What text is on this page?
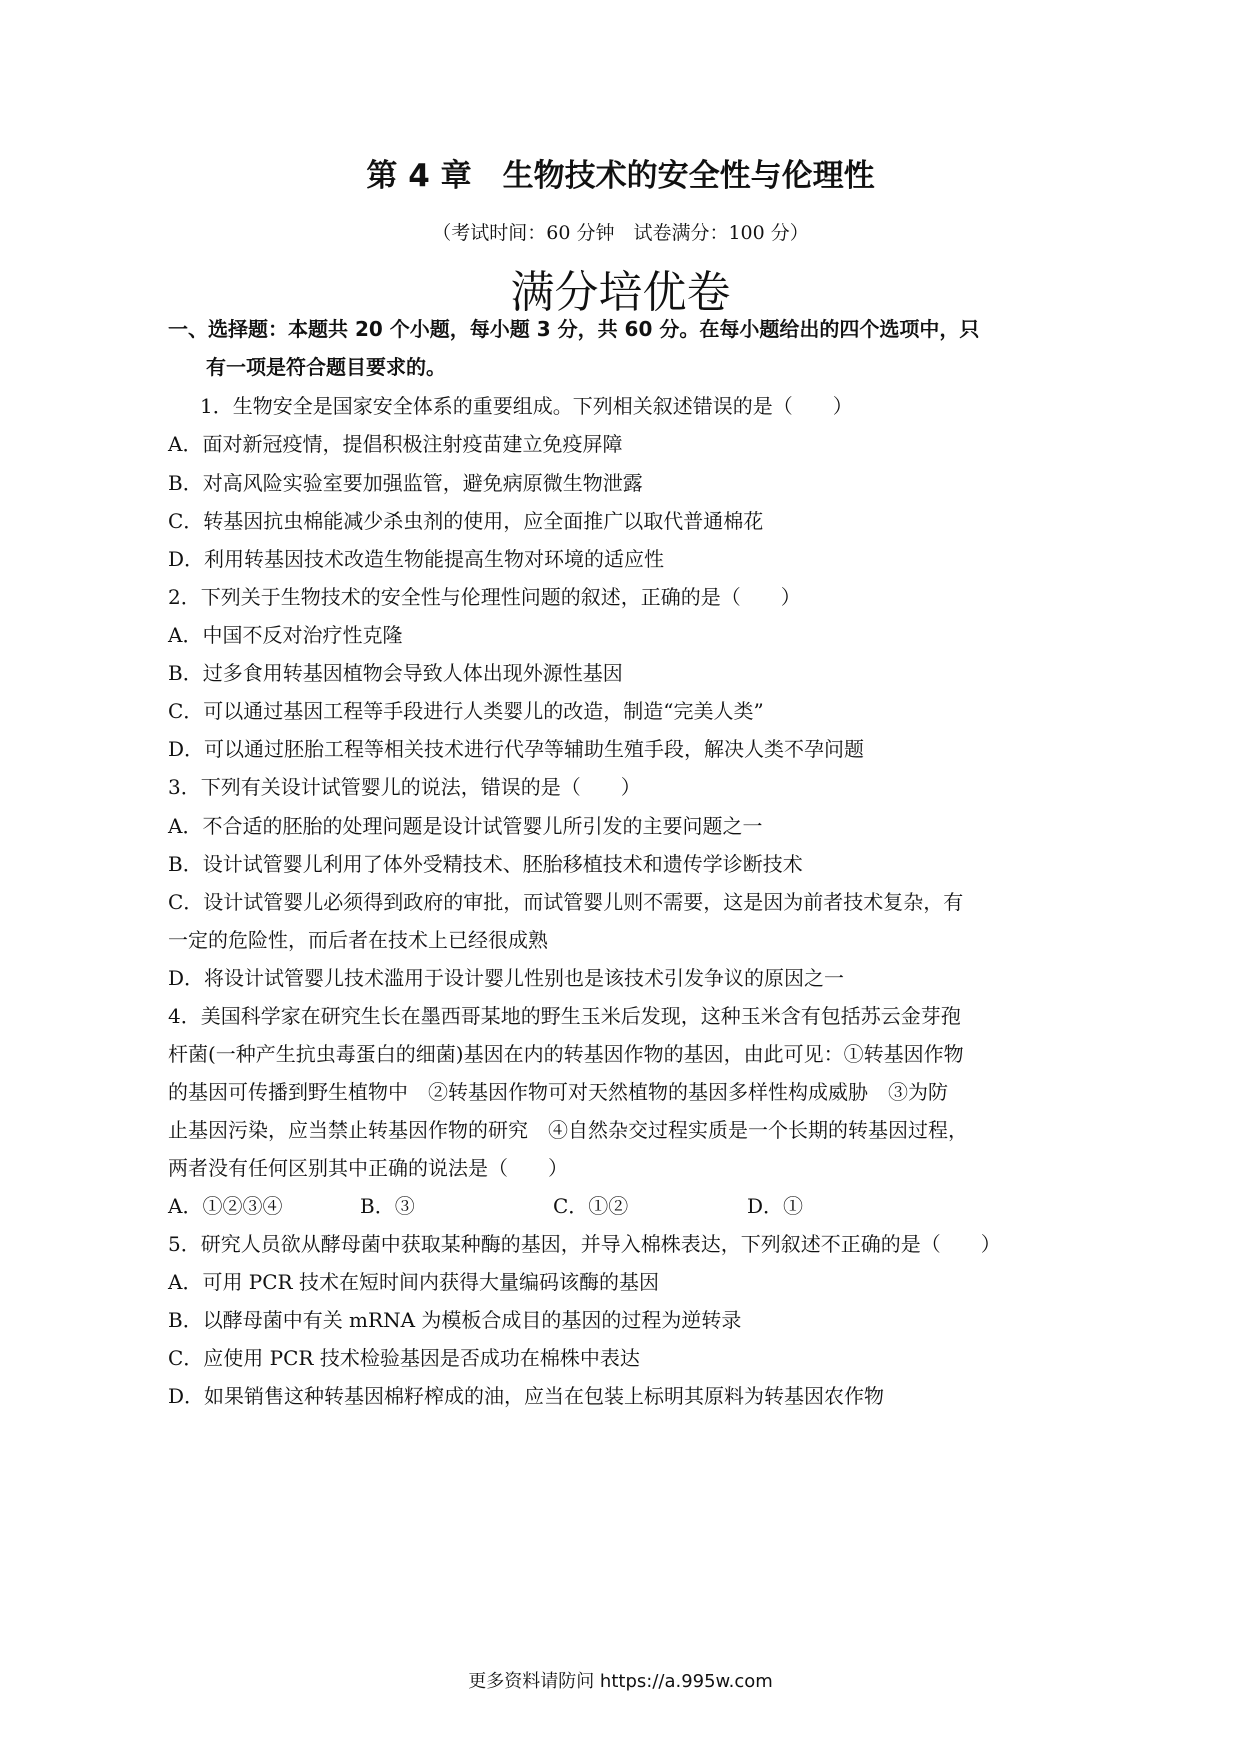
第 4 章　生物技术的安全性与伦理性
（考试时间：60 分钟　试卷满分：100 分）
满分培优卷
一、选择题：本题共 20 个小题，每小题 3 分，共 60 分。在每小题给出的四个选项中，只
有一项是符合题目要求的。
1．生物安全是国家安全体系的重要组成。下列相关叙述错误的是（　　）
A．面对新冠疫情，提倡积极注射疫苗建立免疫屏障
B．对高风险实验室要加强监管，避免病原微生物泄露
C．转基因抗虫棉能减少杀虫剂的使用，应全面推广以取代普通棉花
D．利用转基因技术改造生物能提高生物对环境的适应性
2．下列关于生物技术的安全性与伦理性问题的叙述，正确的是（　　）
A．中国不反对治疗性克隆
B．过多食用转基因植物会导致人体出现外源性基因
C．可以通过基因工程等手段进行人类婴儿的改造，制造“完美人类”
D．可以通过胚胎工程等相关技术进行代孕等辅助生殖手段，解决人类不孕问题
3．下列有关设计试管婴儿的说法，错误的是（　　）
A．不合适的胚胎的处理问题是设计试管婴儿所引发的主要问题之一
B．设计试管婴儿利用了体外受精技术、胚胎移植技术和遗传学诊断技术
C．设计试管婴儿必须得到政府的审批，而试管婴儿则不需要，这是因为前者技术复杂，有
一定的危险性，而后者在技术上已经很成熟
D．将设计试管婴儿技术滥用于设计婴儿性别也是该技术引发争议的原因之一
4．美国科学家在研究生长在墨西哥某地的野生玉米后发现，这种玉米含有包括苏云金芽孢
杆菌(一种产生抗虫毒蛋白的细菌)基因在内的转基因作物的基因，由此可见：①转基因作物
的基因可传播到野生植物中　②转基因作物可对天然植物的基因多样性构成威胁　③为防
止基因污染，应当禁止转基因作物的研究　④自然杂交过程实质是一个长期的转基因过程，
两者没有任何区别其中正确的说法是（　　）
A．①②③④	B．③	C．①②	D．①
5．研究人员欲从酵母菌中获取某种酶的基因，并导入棉株表达，下列叙述不正确的是（　　）
A．可用 PCR 技术在短时间内获得大量编码该酶的基因
B．以酵母菌中有关 mRNA 为模板合成目的基因的过程为逆转录
C．应使用 PCR 技术检验基因是否成功在棉株中表达
D．如果销售这种转基因棉籽榨成的油，应当在包装上标明其原料为转基因农作物
更多资料请防问 https://a.995w.com
